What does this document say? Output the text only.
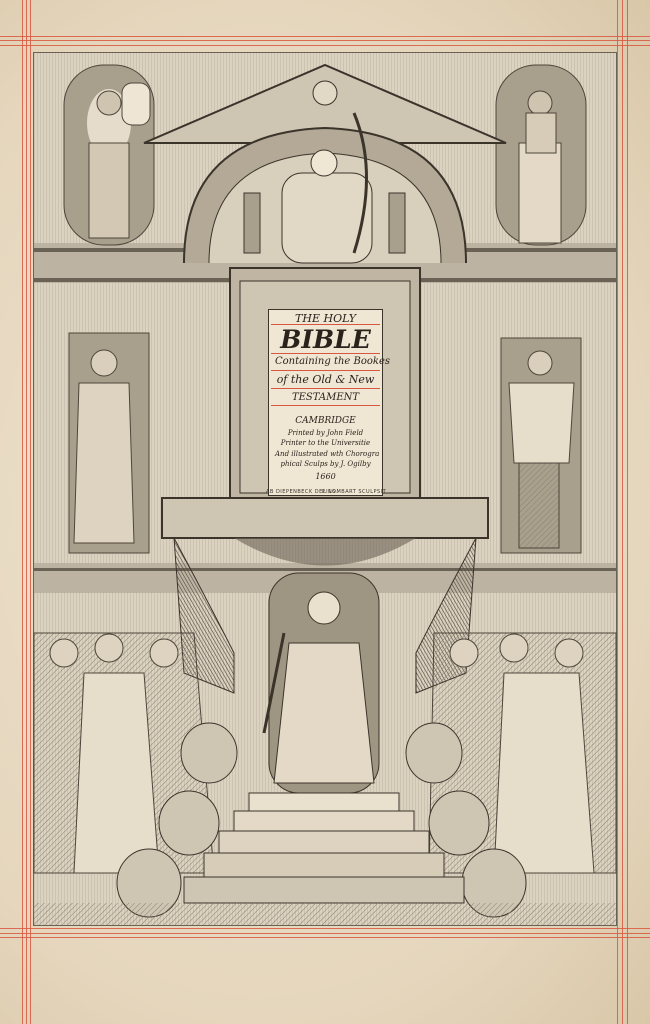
THE HOLY
BIBLE
Containing the Bookes
of the Old & New
TESTAMENT
CAMBRIDGE
Printed by John Field
Printer to the Universitie
And illustrated wth Chorogra
phical Sculps by J. Ogilby
1660
AB DIEPENBECK DELINS.
P. LOMBART SCULPSIT
